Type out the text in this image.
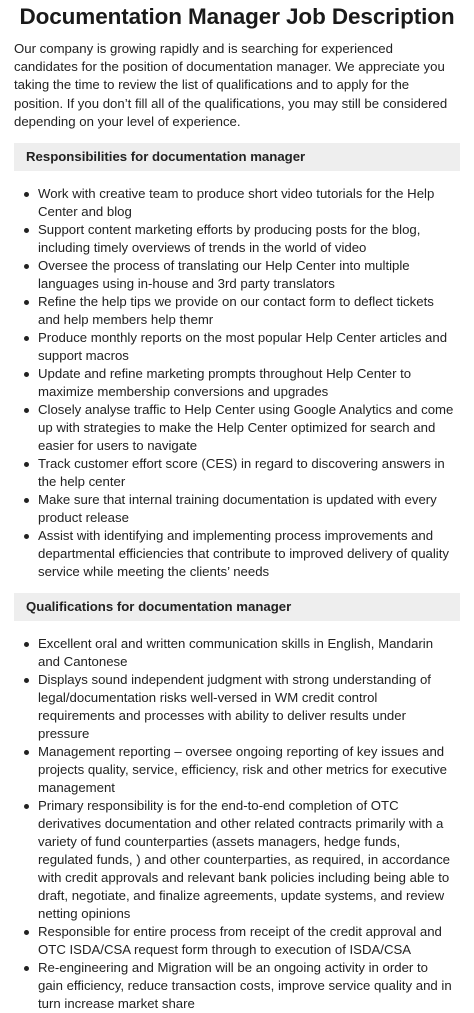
Documentation Manager Job Description

Our company is growing rapidly and is searching for experienced candidates for the position of documentation manager. We appreciate you taking the time to review the list of qualifications and to apply for the position. If you don’t fill all of the qualifications, you may still be considered depending on your level of experience.

Responsibilities for documentation manager
Work with creative team to produce short video tutorials for the Help Center and blog
Support content marketing efforts by producing posts for the blog, including timely overviews of trends in the world of video
Oversee the process of translating our Help Center into multiple languages using in-house and 3rd party translators
Refine the help tips we provide on our contact form to deflect tickets and help members help themr
Produce monthly reports on the most popular Help Center articles and support macros
Update and refine marketing prompts throughout Help Center to maximize membership conversions and upgrades
Closely analyse traffic to Help Center using Google Analytics and come up with strategies to make the Help Center optimized for search and easier for users to navigate
Track customer effort score (CES) in regard to discovering answers in the help center
Make sure that internal training documentation is updated with every product release
Assist with identifying and implementing process improvements and departmental efficiencies that contribute to improved delivery of quality service while meeting the clients’ needs
Qualifications for documentation manager
Excellent oral and written communication skills in English, Mandarin and Cantonese
Displays sound independent judgment with strong understanding of legal/documentation risks well-versed in WM credit control requirements and processes with ability to deliver results under pressure
Management reporting – oversee ongoing reporting of key issues and projects quality, service, efficiency, risk and other metrics for executive management
Primary responsibility is for the end-to-end completion of OTC derivatives documentation and other related contracts primarily with a variety of fund counterparties (assets managers, hedge funds, regulated funds, ) and other counterparties, as required, in accordance with credit approvals and relevant bank policies including being able to draft, negotiate, and finalize agreements, update systems, and review netting opinions
Responsible for entire process from receipt of the credit approval and OTC ISDA/CSA request form through to execution of ISDA/CSA
Re-engineering and Migration will be an ongoing activity in order to gain efficiency, reduce transaction costs, improve service quality and in turn increase market share
